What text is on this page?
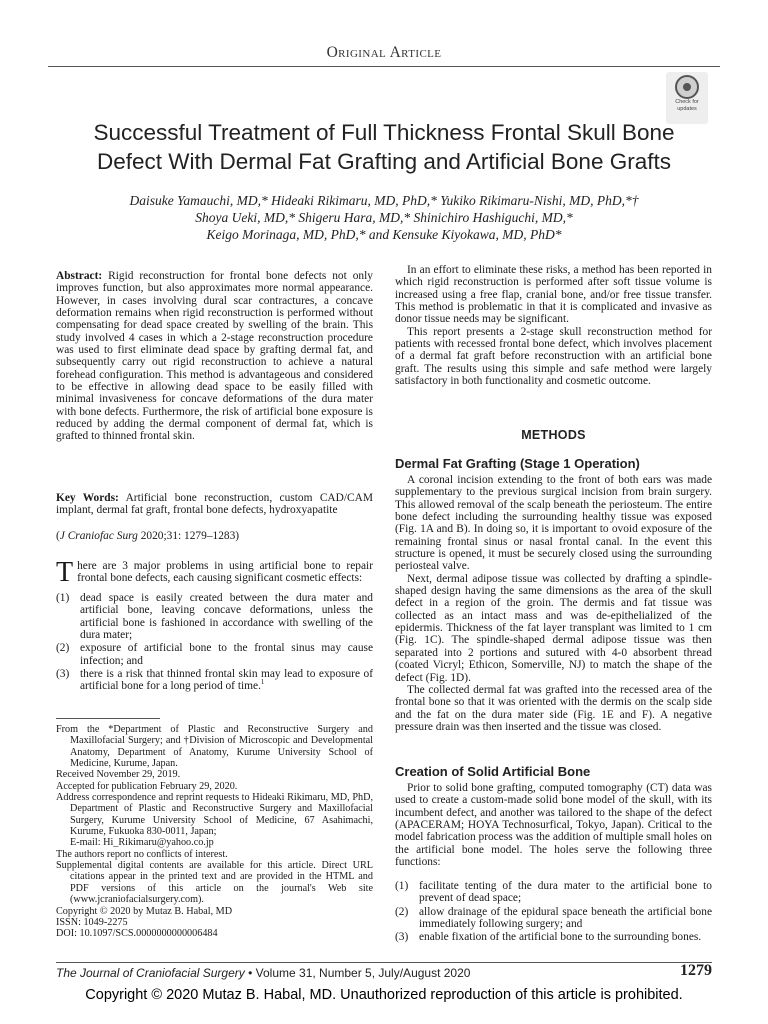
Original Article
Check for
updates
Successful Treatment of Full Thickness Frontal Skull Bone
Defect With Dermal Fat Grafting and Artificial Bone Grafts

Daisuke Yamauchi, MD,* Hideaki Rikimaru, MD, PhD,* Yukiko Rikimaru-Nishi, MD, PhD,*†

Shoya Ueki, MD,* Shigeru Hara, MD,* Shinichiro Hashiguchi, MD,*

Keigo Morinaga, MD, PhD,* and Kensuke Kiyokawa, MD, PhD*

Abstract: Rigid reconstruction for frontal bone defects not only improves function, but also approximates more normal appearance. However, in cases involving dural scar contractures, a concave deformation remains when rigid reconstruction is performed without compensating for dead space created by swelling of the brain. This study involved 4 cases in which a 2-stage reconstruction procedure was used to first eliminate dead space by grafting dermal fat, and subsequently carry out rigid reconstruction to achieve a natural forehead configuration. This method is advantageous and considered to be effective in allowing dead space to be easily filled with minimal invasiveness for concave deformations of the dura mater with bone defects. Furthermore, the risk of artificial bone exposure is reduced by adding the dermal component of dermal fat, which is grafted to thinned frontal skin.

Key Words: Artificial bone reconstruction, custom CAD/CAM implant, dermal fat graft, frontal bone defects, hydroxyapatite

(J Craniofac Surg 2020;31: 1279–1283)

There are 3 major problems in using artificial bone to repair frontal bone defects, each causing significant cosmetic effects:
(1) dead space is easily created between the dura mater and artificial bone, leaving concave deformations, unless the artificial bone is fashioned in accordance with swelling of the dura mater;
(2) exposure of artificial bone to the frontal sinus may cause infection; and
(3) there is a risk that thinned frontal skin may lead to exposure of artificial bone for a long period of time.$^1$

From the *Department of Plastic and Reconstructive Surgery and Maxillofacial Surgery; and †Division of Microscopic and Developmental Anatomy, Department of Anatomy, Kurume University School of Medicine, Kurume, Japan.

Received November 29, 2019.

Accepted for publication February 29, 2020.

Address correspondence and reprint requests to Hideaki Rikimaru, MD, PhD, Department of Plastic and Reconstructive Surgery and Maxillofacial Surgery, Kurume University School of Medicine, 67 Asahimachi, Kurume, Fukuoka 830-0011, Japan;

E-mail: Hi_Rikimaru@yahoo.co.jp

The authors report no conflicts of interest.

Supplemental digital contents are available for this article. Direct URL citations appear in the printed text and are provided in the HTML and PDF versions of this article on the journal's Web site (www.jcraniofacialsurgery.com).

Copyright © 2020 by Mutaz B. Habal, MD

ISSN: 1049-2275

DOI: 10.1097/SCS.0000000000006484

In an effort to eliminate these risks, a method has been reported in which rigid reconstruction is performed after soft tissue volume is increased using a free flap, cranial bone, and/or free tissue transfer. This method is problematic in that it is complicated and invasive as donor tissue needs may be significant.

This report presents a 2-stage skull reconstruction method for patients with recessed frontal bone defect, which involves placement of a dermal fat graft before reconstruction with an artificial bone graft. The results using this simple and safe method were largely satisfactory in both functionality and cosmetic outcome.

METHODS
Dermal Fat Grafting (Stage 1 Operation)

A coronal incision extending to the front of both ears was made supplementary to the previous surgical incision from brain surgery. This allowed removal of the scalp beneath the periosteum. The entire bone defect including the surrounding healthy tissue was exposed (Fig. 1A and B). In doing so, it is important to ovoid exposure of the remaining frontal sinus or nasal frontal canal. In the event this structure is opened, it must be securely closed using the surrounding periosteal valve.

Next, dermal adipose tissue was collected by drafting a spindle-shaped design having the same dimensions as the area of the skull defect in a region of the groin. The dermis and fat tissue was collected as an intact mass and was de-epithelialized of the epidermis. Thickness of the fat layer transplant was limited to 1 cm (Fig. 1C). The spindle-shaped dermal adipose tissue was then separated into 2 portions and sutured with 4-0 absorbent thread (coated Vicryl; Ethicon, Somerville, NJ) to match the shape of the defect (Fig. 1D).

The collected dermal fat was grafted into the recessed area of the frontal bone so that it was oriented with the dermis on the scalp side and the fat on the dura mater side (Fig. 1E and F). A negative pressure drain was then inserted and the tissue was closed.

Creation of Solid Artificial Bone

Prior to solid bone grafting, computed tomography (CT) data was used to create a custom-made solid bone model of the skull, with its incumbent defect, and another was tailored to the shape of the defect (APACERAM; HOYA Technosurfical, Tokyo, Japan). Critical to the model fabrication process was the addition of multiple small holes on the artificial bone model. The holes serve the following three functions:

(1) facilitate tenting of the dura mater to the artificial bone to prevent of dead space;
(2) allow drainage of the epidural space beneath the artificial bone immediately following surgery; and
(3) enable fixation of the artificial bone to the surrounding bones.
The Journal of Craniofacial Surgery • Volume 31, Number 5, July/August 2020	1279
Copyright © 2020 Mutaz B. Habal, MD. Unauthorized reproduction of this article is prohibited.
